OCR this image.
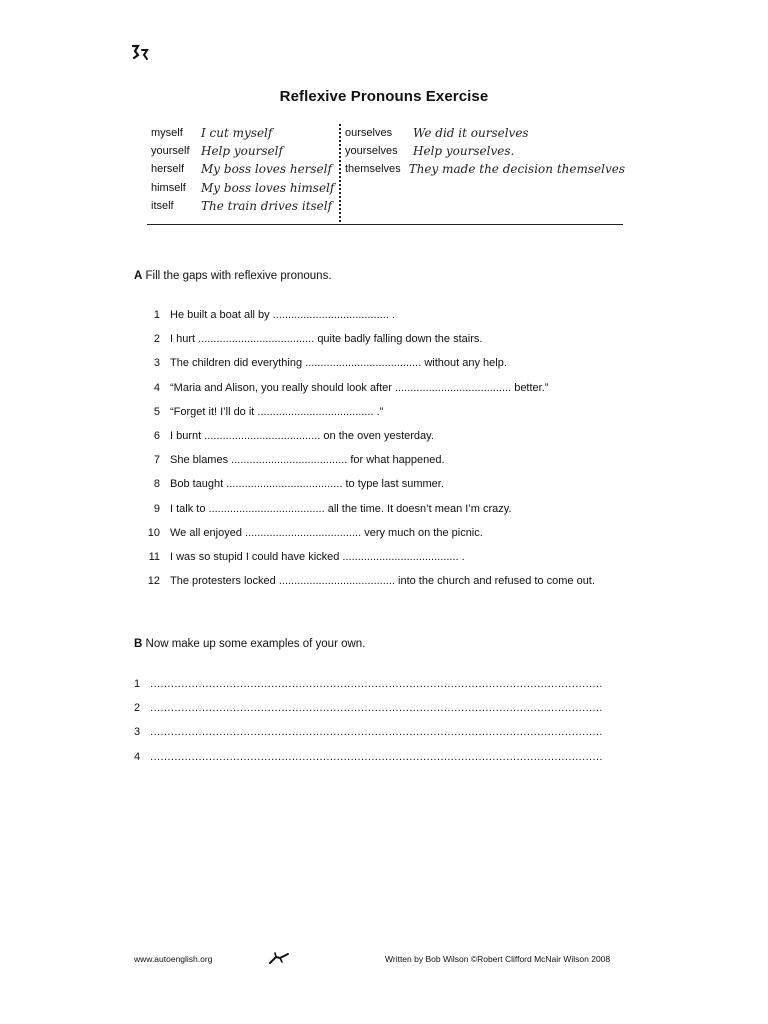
Reflexive Pronouns Exercise
myself	I cut myself
yourself Help yourself
herself	My boss loves herself
himself	My boss loves himself
itself	The train drives itself
ourselves	We did it ourselves
yourselves	Help yourselves.
themselves They made the decision themselves
A Fill the gaps with reflexive pronouns.
1 He built a boat all by ...................................... .
2 I hurt ...................................... quite badly falling down the stairs.
3 The children did everything ...................................... without any help.
4 “Maria and Alison, you really should look after ...................................... better.”
5 “Forget it! I’ll do it ...................................... .”
6 I burnt ...................................... on the oven yesterday.
7 She blames ...................................... for what happened.
8 Bob taught ...................................... to type last summer.
9 I talk to ...................................... all the time. It doesn’t mean I’m crazy.
10 We all enjoyed ...................................... very much on the picnic.
11 I was so stupid I could have kicked ...................................... .
12 The protesters locked ...................................... into the church and refused to come out.
B Now make up some examples of your own.
1 ...................................................................................................................................
2 ...................................................................................................................................
3 ...................................................................................................................................
4 ...................................................................................................................................
www.autoenglish.org	Written by Bob Wilson ©Robert Clifford McNair Wilson 2008
